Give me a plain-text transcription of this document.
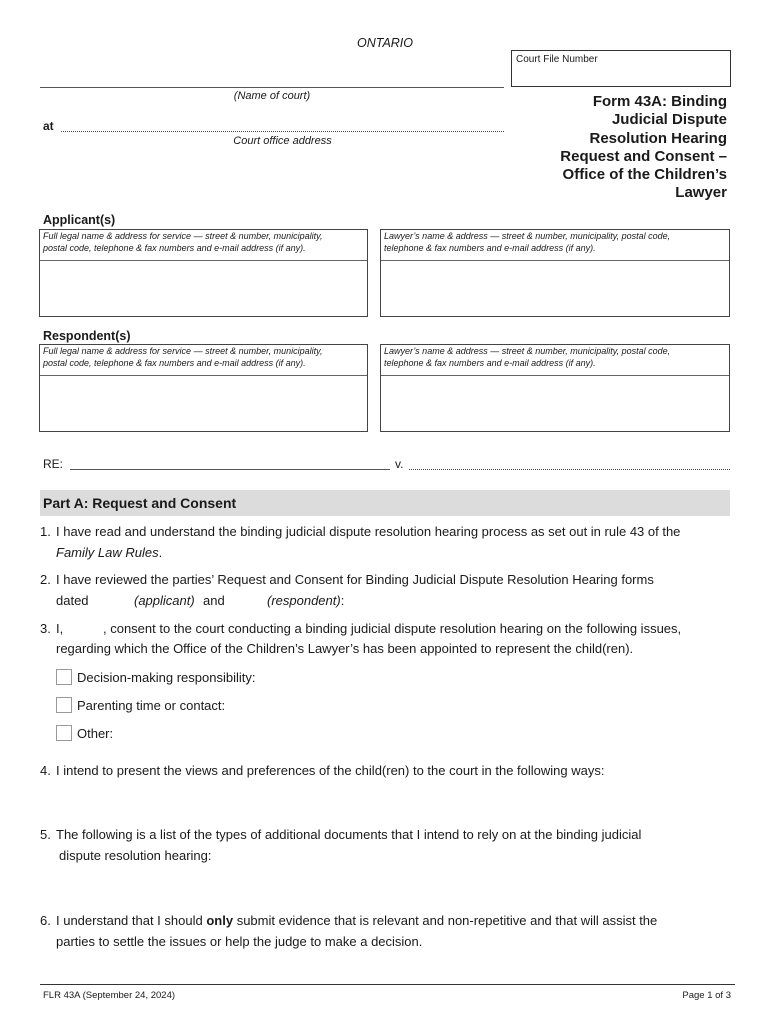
ONTARIO
Court File Number
(Name of court)
at
Court office address
Form 43A: Binding
Judicial Dispute
Resolution Hearing
Request and Consent –
Office of the Children’s
Lawyer
Applicant(s)
Full legal name & address for service — street & number, municipality,
postal code, telephone & fax numbers and e-mail address (if any).
Lawyer’s name & address — street & number, municipality, postal code,
telephone & fax numbers and e-mail address (if any).
Respondent(s)
Full legal name & address for service — street & number, municipality,
postal code, telephone & fax numbers and e-mail address (if any).
Lawyer’s name & address — street & number, municipality, postal code,
telephone & fax numbers and e-mail address (if any).
RE:	v.
Part A: Request and Consent
1. I have read and understand the binding judicial dispute resolution hearing process as set out in rule 43 of the
Family Law Rules.
2. I have reviewed the parties’ Request and Consent for Binding Judicial Dispute Resolution Hearing forms
dated	(applicant) and	(respondent):
3. I,	, consent to the court conducting a binding judicial dispute resolution hearing on the following issues,
regarding which the Office of the Children’s Lawyer’s has been appointed to represent the child(ren).
Decision-making responsibility:
Parenting time or contact:
Other:
4. I intend to present the views and preferences of the child(ren) to the court in the following ways:
5. The following is a list of the types of additional documents that I intend to rely on at the binding judicial
dispute resolution hearing:
6. I understand that I should only submit evidence that is relevant and non-repetitive and that will assist the
parties to settle the issues or help the judge to make a decision.
FLR 43A (September 24, 2024)	Page 1 of 3
